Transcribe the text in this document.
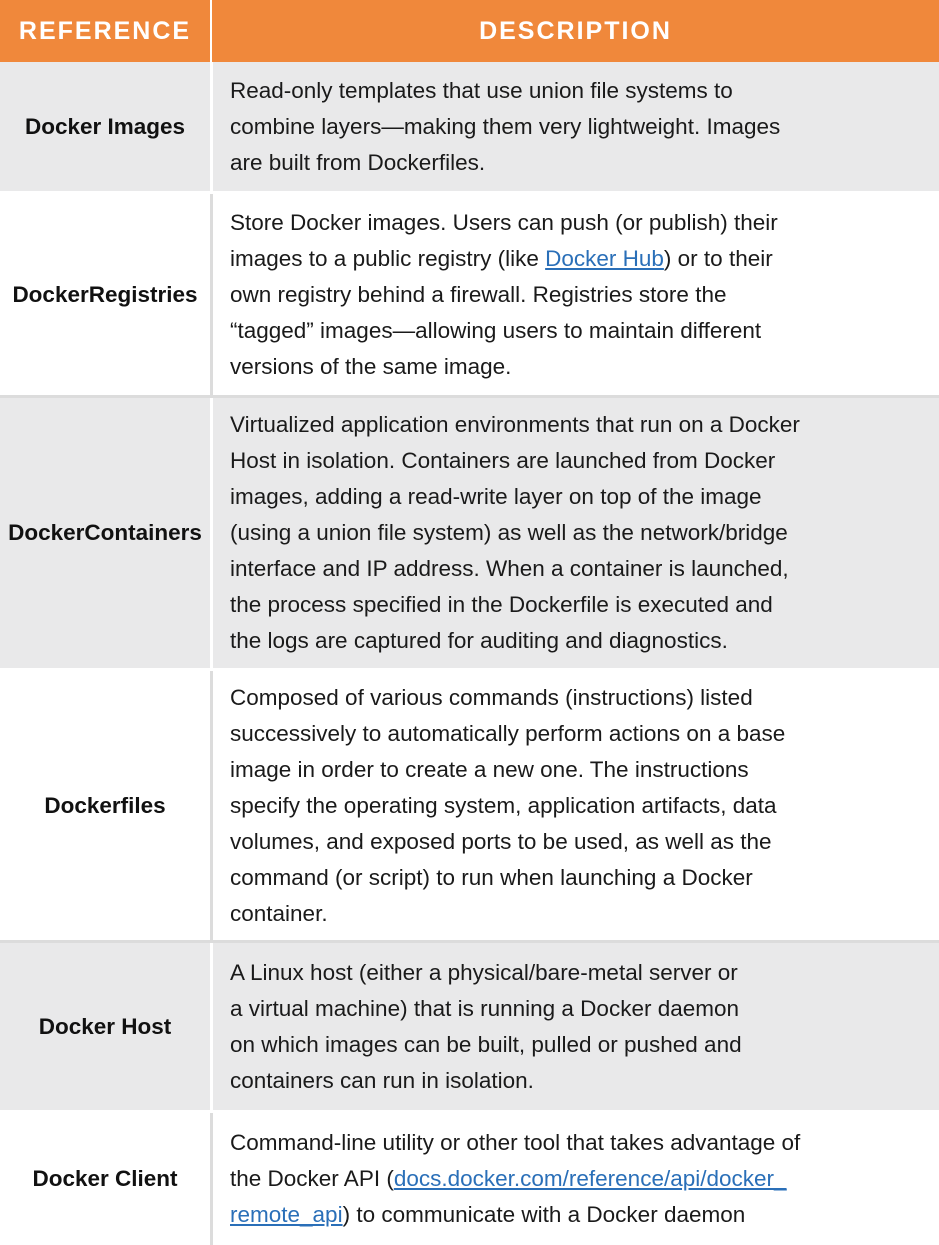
REFERENCE	DESCRIPTION
Docker Images
Read-only templates that use union file systems to
combine layers—making them very lightweight. Images
are built from Dockerfiles.
Docker Registries
Store Docker images. Users can push (or publish) their
images to a public registry (like Docker Hub) or to their
own registry behind a firewall. Registries store the
“tagged” images—allowing users to maintain different
versions of the same image.
Docker Containers
Virtualized application environments that run on a Docker
Host in isolation. Containers are launched from Docker
images, adding a read-write layer on top of the image
(using a union file system) as well as the network/bridge
interface and IP address. When a container is launched,
the process specified in the Dockerfile is executed and
the logs are captured for auditing and diagnostics.
Dockerfiles
Composed of various commands (instructions) listed
successively to automatically perform actions on a base
image in order to create a new one. The instructions
specify the operating system, application artifacts, data
volumes, and exposed ports to be used, as well as the
command (or script) to run when launching a Docker
container.
Docker Host
A Linux host (either a physical/bare-metal server or
a virtual machine) that is running a Docker daemon
on which images can be built, pulled or pushed and
containers can run in isolation.
Docker Client
Command-line utility or other tool that takes advantage of
the Docker API (docs.docker.com/reference/api/docker_
remote_api) to communicate with a Docker daemon
